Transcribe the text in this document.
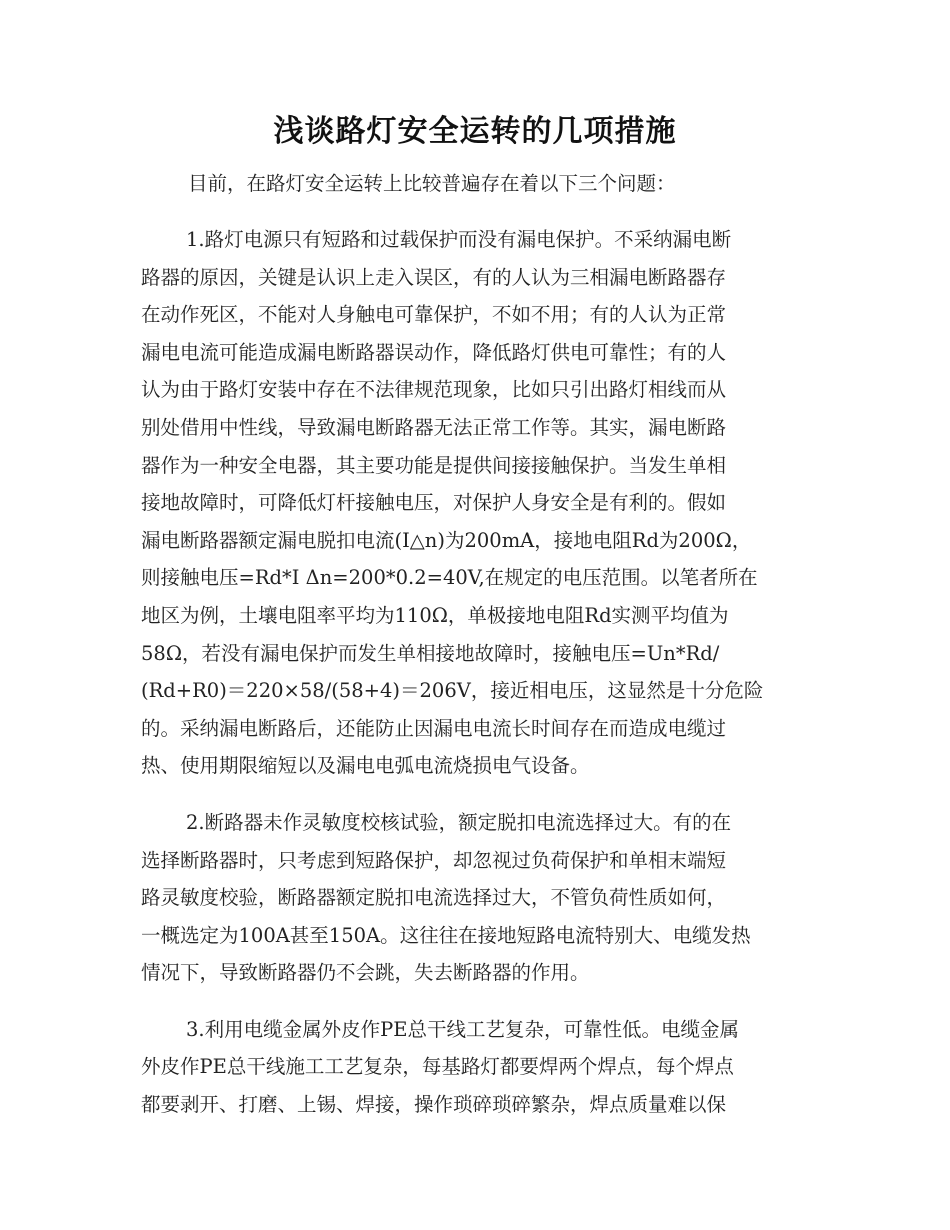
浅谈路灯安全运转的几项措施
目前，在路灯安全运转上比较普遍存在着以下三个问题：
1.路灯电源只有短路和过载保护而没有漏电保护。不采纳漏电断
路器的原因，关键是认识上走入误区，有的人认为三相漏电断路器存
在动作死区，不能对人身触电可靠保护，不如不用；有的人认为正常
漏电电流可能造成漏电断路器误动作，降低路灯供电可靠性；有的人
认为由于路灯安装中存在不法律规范现象，比如只引出路灯相线而从
别处借用中性线，导致漏电断路器无法正常工作等。其实，漏电断路
器作为一种安全电器，其主要功能是提供间接接触保护。当发生单相
接地故障时，可降低灯杆接触电压，对保护人身安全是有利的。假如
漏电断路器额定漏电脱扣电流(I△n)为200mA，接地电阻Rd为200Ω，
则接触电压=Rd*I Δn=200*0.2=40V,在规定的电压范围。以笔者所在
地区为例，土壤电阻率平均为110Ω，单极接地电阻Rd实测平均值为
58Ω，若没有漏电保护而发生单相接地故障时，接触电压=Un*Rd/
(Rd+R0)＝220×58/(58+4)＝206V，接近相电压，这显然是十分危险
的。采纳漏电断路后，还能防止因漏电电流长时间存在而造成电缆过
热、使用期限缩短以及漏电电弧电流烧损电气设备。
2.断路器未作灵敏度校核试验，额定脱扣电流选择过大。有的在
选择断路器时，只考虑到短路保护，却忽视过负荷保护和单相末端短
路灵敏度校验，断路器额定脱扣电流选择过大，不管负荷性质如何，
一概选定为100A甚至150A。这往往在接地短路电流特别大、电缆发热
情况下，导致断路器仍不会跳，失去断路器的作用。
3.利用电缆金属外皮作PE总干线工艺复杂，可靠性低。电缆金属
外皮作PE总干线施工工艺复杂，每基路灯都要焊两个焊点，每个焊点
都要剥开、打磨、上锡、焊接，操作琐碎琐碎繁杂，焊点质量难以保
